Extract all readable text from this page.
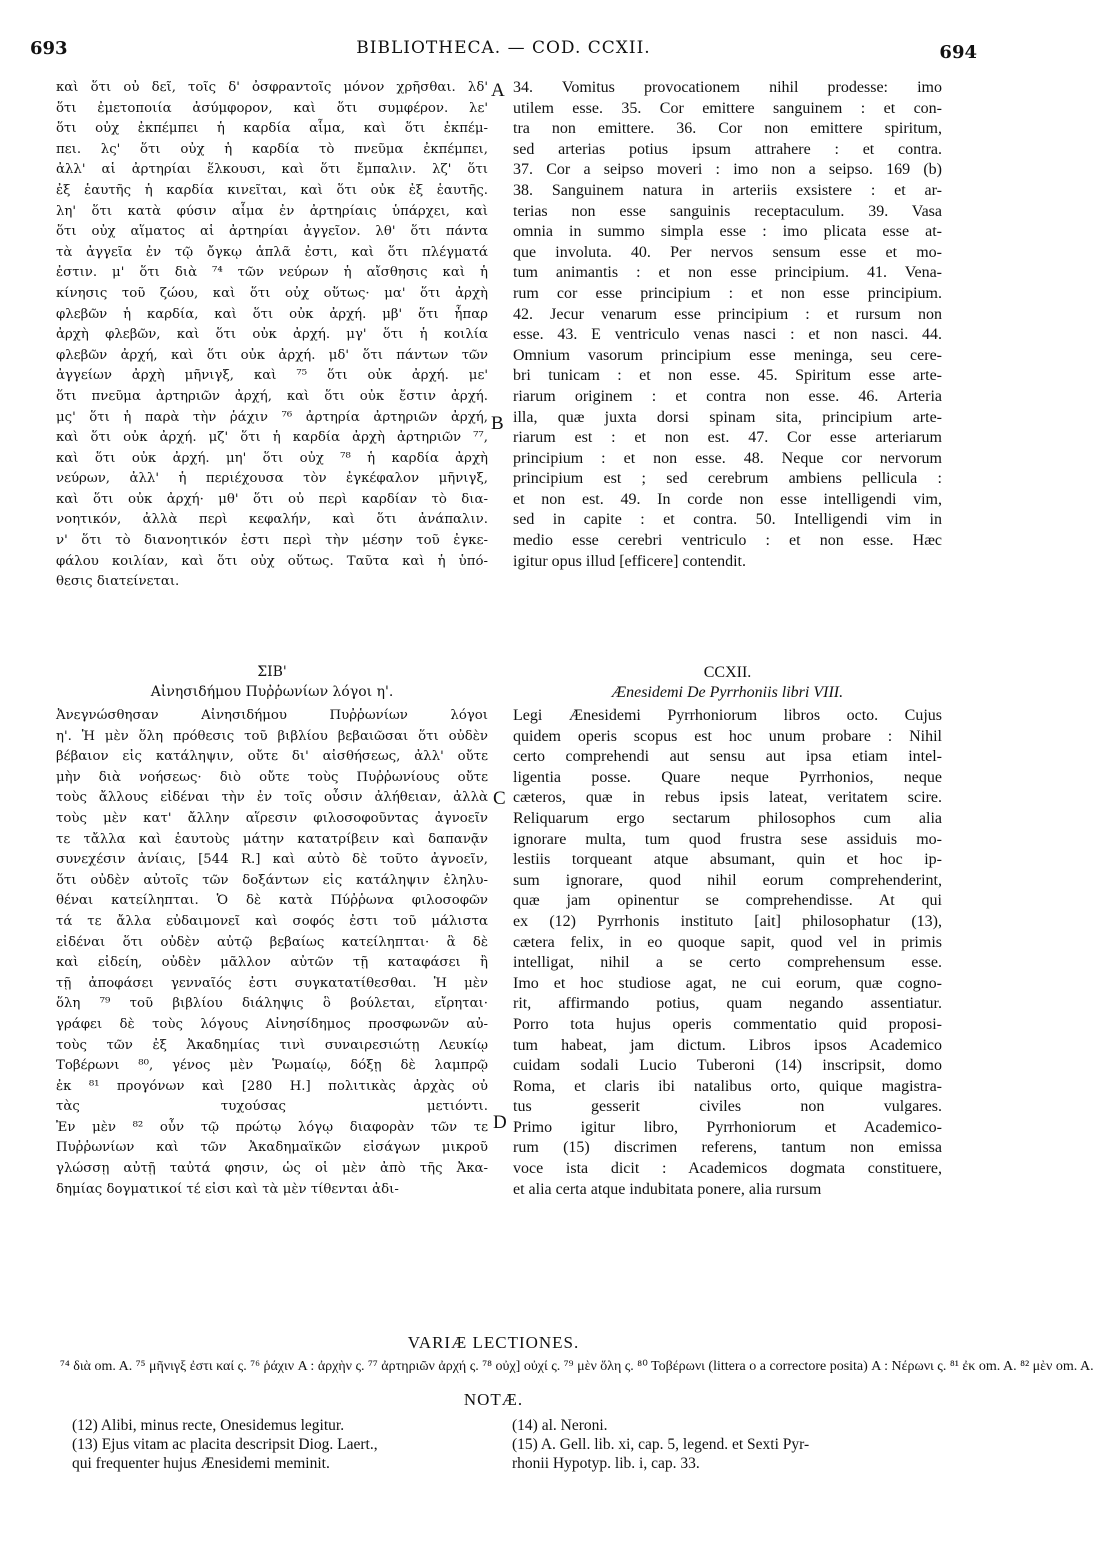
693	BIBLIOTHECA. — COD. CCXII.	694
A
B
C
D
καὶ ὅτι οὐ δεῖ, τοῖς δ' ὀσφραντοῖς μόνον χρῆσθαι. λδ'
ὅτι ἐμετοποιία ἀσύμφορον, καὶ ὅτι συμφέρον. λε'
ὅτι οὐχ ἐκπέμπει ἡ καρδία αἷμα, καὶ ὅτι ἐκπέμ-
πει. λς' ὅτι οὐχ ἡ καρδία τὸ πνεῦμα ἐκπέμπει,
ἀλλ' αἱ ἀρτηρίαι ἕλκουσι, καὶ ὅτι ἔμπαλιν. λζ' ὅτι
ἐξ ἑαυτῆς ἡ καρδία κινεῖται, καὶ ὅτι οὐκ ἐξ ἑαυτῆς.
λη' ὅτι κατὰ φύσιν αἷμα ἐν ἀρτηρίαις ὑπάρχει, καὶ
ὅτι οὐχ αἵματος αἱ ἀρτηρίαι ἀγγεῖον. λθ' ὅτι πάντα
τὰ ἀγγεῖα ἐν τῷ ὄγκῳ ἁπλᾶ ἐστι, καὶ ὅτι πλέγματά
ἐστιν. μ' ὅτι διὰ ⁷⁴ τῶν νεύρων ἡ αἴσθησις καὶ ἡ
κίνησις τοῦ ζώου, καὶ ὅτι οὐχ οὕτως· μα' ὅτι ἀρχὴ
φλεβῶν ἡ καρδία, καὶ ὅτι οὐκ ἀρχή. μβ' ὅτι ἧπαρ
ἀρχὴ φλεβῶν, καὶ ὅτι οὐκ ἀρχή. μγ' ὅτι ἡ κοιλία
φλεβῶν ἀρχή, καὶ ὅτι οὐκ ἀρχή. μδ' ὅτι πάντων τῶν
ἀγγείων ἀρχὴ μῆνιγξ, καὶ ⁷⁵ ὅτι οὐκ ἀρχή. με'
ὅτι πνεῦμα ἀρτηριῶν ἀρχή, καὶ ὅτι οὐκ ἔστιν ἀρχή.
μς' ὅτι ἡ παρὰ τὴν ῥάχιν ⁷⁶ ἀρτηρία ἀρτηριῶν ἀρχή,
καὶ ὅτι οὐκ ἀρχή. μζ' ὅτι ἡ καρδία ἀρχὴ ἀρτηριῶν ⁷⁷,
καὶ ὅτι οὐκ ἀρχή. μη' ὅτι οὐχ ⁷⁸ ἡ καρδία ἀρχὴ
νεύρων, ἀλλ' ἡ περιέχουσα τὸν ἐγκέφαλον μῆνιγξ,
καὶ ὅτι οὐκ ἀρχή· μθ' ὅτι οὐ περὶ καρδίαν τὸ δια-
νοητικόν, ἀλλὰ περὶ κεφαλήν, καὶ ὅτι ἀνάπαλιν.
ν' ὅτι τὸ διανοητικόν ἐστι περὶ τὴν μέσην τοῦ ἐγκε-
φάλου κοιλίαν, καὶ ὅτι οὐχ οὕτως. Ταῦτα καὶ ἡ ὑπό-
θεσις διατείνεται.
34. Vomitus provocationem nihil prodesse: imo
utilem esse. 35. Cor emittere sanguinem : et con-
tra non emittere. 36. Cor non emittere spiritum,
sed arterias potius ipsum attrahere : et contra.
37. Cor a seipso moveri : imo non a seipso. 169 (b)
38. Sanguinem natura in arteriis exsistere : et ar-
terias non esse sanguinis receptaculum. 39. Vasa
omnia in summo simpla esse : imo plicata esse at-
que involuta. 40. Per nervos sensum esse et mo-
tum animantis : et non esse principium. 41. Vena-
rum cor esse principium : et non esse principium.
42. Jecur venarum esse principium : et rursum non
esse. 43. E ventriculo venas nasci : et non nasci. 44.
Omnium vasorum principium esse meninga, seu cere-
bri tunicam : et non esse. 45. Spiritum esse arte-
riarum originem : et contra non esse. 46. Arteria
illa, quæ juxta dorsi spinam sita, principium arte-
riarum est : et non est. 47. Cor esse arteriarum
principium : et non esse. 48. Neque cor nervorum
principium est ; sed cerebrum ambiens pellicula :
et non est. 49. In corde non esse intelligendi vim,
sed in capite : et contra. 50. Intelligendi vim in
medio esse cerebri ventriculo : et non esse. Hæc
igitur opus illud [efficere] contendit.
ΣΙΒ'	CCXII.
Αἰνησιδήμου Πυῤῥωνίων λόγοι η'.	Ænesidemi De Pyrrhoniis libri VIII.
Ἀνεγνώσθησαν Αἰνησιδήμου Πυῤῥωνίων λόγοι
η'. Ἡ μὲν ὅλη πρόθεσις τοῦ βιβλίου βεβαιῶσαι ὅτι οὐδὲν
βέβαιον εἰς κατάληψιν, οὔτε δι' αἰσθήσεως, ἀλλ' οὔτε
μὴν διὰ νοήσεως· διὸ οὔτε τοὺς Πυῤῥωνίους οὔτε
τοὺς ἄλλους εἰδέναι τὴν ἐν τοῖς οὖσιν ἀλήθειαν, ἀλλὰ
τοὺς μὲν κατ' ἄλλην αἵρεσιν φιλοσοφοῦντας ἀγνοεῖν
τε τἄλλα καὶ ἑαυτοὺς μάτην κατατρίβειν καὶ δαπανᾷν
συνεχέσιν ἀνίαις, [544 R.] καὶ αὐτὸ δὲ τοῦτο ἀγνοεῖν,
ὅτι οὐδὲν αὐτοῖς τῶν δοξάντων εἰς κατάληψιν ἐληλυ-
θέναι κατείληπται. Ὁ δὲ κατὰ Πύῤῥωνα φιλοσοφῶν
τά τε ἄλλα εὐδαιμονεῖ καὶ σοφός ἐστι τοῦ μάλιστα
εἰδέναι ὅτι οὐδὲν αὐτῷ βεβαίως κατείληπται· ἃ δὲ
καὶ εἰδείη, οὐδὲν μᾶλλον αὐτῶν τῇ καταφάσει ἢ
τῇ ἀποφάσει γενναῖός ἐστι συγκατατίθεσθαι. Ἡ μὲν
ὅλη ⁷⁹ τοῦ βιβλίου διάληψις ὃ βούλεται, εἴρηται·
γράφει δὲ τοὺς λόγους Αἰνησίδημος προσφωνῶν αὐ-
τοὺς τῶν ἐξ Ἀκαδημίας τινὶ συναιρεσιώτῃ Λευκίῳ
Τοβέρωνι ⁸⁰, γένος μὲν Ῥωμαίῳ, δόξῃ δὲ λαμπρῷ
ἐκ ⁸¹ προγόνων καὶ [280 H.] πολιτικὰς ἀρχὰς οὐ
τὰς τυχούσας μετιόντι.
Ἐν μὲν ⁸² οὖν τῷ πρώτῳ λόγῳ διαφορὰν τῶν τε
Πυῤῥωνίων καὶ τῶν Ἀκαδημαϊκῶν εἰσάγων μικροῦ
γλώσσῃ αὐτῇ ταὐτά φησιν, ὡς οἱ μὲν ἀπὸ τῆς Ἀκα-
δημίας δογματικοί τέ εἰσι καὶ τὰ μὲν τίθενται ἀδι-
Legi Ænesidemi Pyrrhoniorum libros octo. Cujus
quidem operis scopus est hoc unum probare : Nihil
certo comprehendi aut sensu aut ipsa etiam intel-
ligentia posse. Quare neque Pyrrhonios, neque
cæteros, quæ in rebus ipsis lateat, veritatem scire.
Reliquarum ergo sectarum philosophos cum alia
ignorare multa, tum quod frustra sese assiduis mo-
lestiis torqueant atque absumant, quin et hoc ip-
sum ignorare, quod nihil eorum comprehenderint,
quæ jam opinentur se comprehendisse. At qui
ex (12) Pyrrhonis instituto [ait] philosophatur (13),
cætera felix, in eo quoque sapit, quod vel in primis
intelligat, nihil a se certo comprehensum esse.
Imo et hoc studiose agat, ne cui eorum, quæ cogno-
rit, affirmando potius, quam negando assentiatur.
Porro tota hujus operis commentatio quid proposi-
tum habeat, jam dictum. Libros ipsos Academico
cuidam sodali Lucio Tuberoni (14) inscripsit, domo
Roma, et claris ibi natalibus orto, quique magistra-
tus gesserit civiles non vulgares.
Primo igitur libro, Pyrrhoniorum et Academico-
rum (15) discrimen referens, tantum non emissa
voce ista dicit : Academicos dogmata constituere,
et alia certa atque indubitata ponere, alia rursum
VARIÆ LECTIONES.
⁷⁴ διὰ om. A. ⁷⁵ μῆνιγξ ἐστι καί ς. ⁷⁶ ῥάχιν A : ἀρχὴν ς. ⁷⁷ ἀρτηριῶν ἀρχή ς. ⁷⁸ οὐχ] οὐχί ς. ⁷⁹ μὲν ὅλη ς. ⁸⁰ Τοβέρωνι (littera ο a correctore posita) A : Νέρωνι ς. ⁸¹ ἐκ om. A. ⁸² μὲν om. A.
NOTÆ.
(12) Alibi, minus recte, Onesidemus legitur.
(13) Ejus vitam ac placita descripsit Diog. Laert.,
qui frequenter hujus Ænesidemi meminit.
(14) al. Neroni.
(15) A. Gell. lib. xi, cap. 5, legend. et Sexti Pyr-
rhonii Hypotyp. lib. i, cap. 33.
